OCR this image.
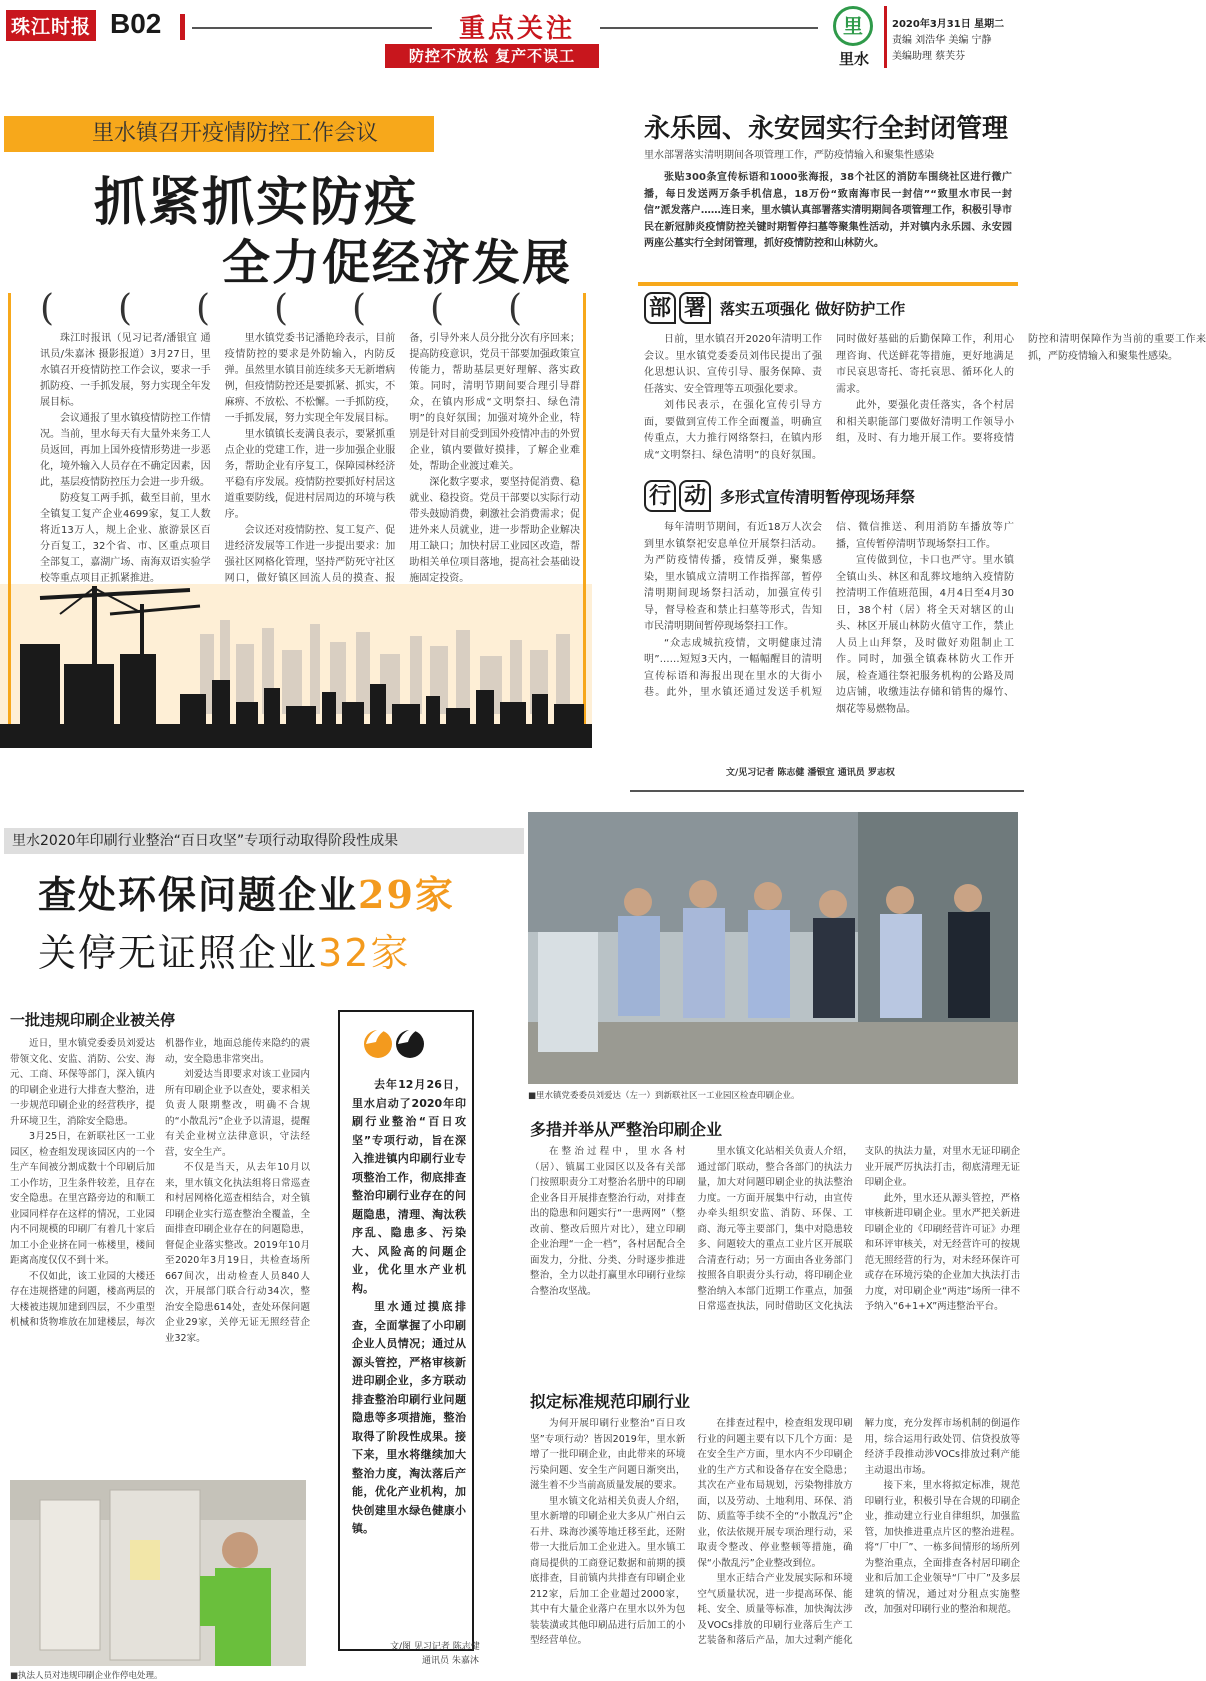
珠江时报 B02	重点关注
防控不放松 复产不误工
里
里水
2020年3月31日 星期二
责编 刘浩华 美编 宁静
美编助理 蔡芙芬
里水镇召开疫情防控工作会议
抓紧抓实防疫
全力促经济发展
( ( ( ( ( ( (

珠江时报讯（见习记者/潘银宜 通讯员/朱嘉沐 摄影报道）3月27日，里水镇召开疫情防控工作会议，要求一手抓防疫、一手抓发展，努力实现全年发展目标。

会议通报了里水镇疫情防控工作情况。当前，里水每天有大量外来务工人员返回，再加上国外疫情形势进一步恶化，境外输入人员存在不确定因素，因此，基层疫情防控压力会进一步升级。

防疫复工两手抓，截至目前，里水全镇复工复产企业4699家，复工人数将近13万人，规上企业、旅游景区百分百复工，32个省、市、区重点项目全部复工，嘉湖广场、南海双语实验学校等重点项目正抓紧推进。

里水镇党委书记潘艳玲表示，目前疫情防控的要求是外防输入，内防反弹。虽然里水镇目前连续多天无新增病例，但疫情防控还是要抓紧、抓实，不麻痹、不放松、不松懈。一手抓防疫，一手抓发展，努力实现全年发展目标。

里水镇镇长麦满良表示，要紧抓重点企业的党建工作，进一步加强企业服务，帮助企业有序复工，保障园林经济平稳有序发展。疫情防控要抓好村居这道重要防线，促进村居周边的环境与秩序。

会议还对疫情防控、复工复产、促进经济发展等工作进一步提出要求：加强社区网格化管理，坚持严防死守社区网口，做好镇区回流人员的摸查、报备，引导外来人员分批分次有序回来；提高防疫意识，党员干部要加强政策宣传能力，帮助基层更好理解、落实政策。同时，清明节期间要合理引导群众，在镇内形成“文明祭扫、绿色清明”的良好氛围；加强对境外企业，特别是针对目前受到国外疫情冲击的外贸企业，镇内要做好摸排，了解企业难处，帮助企业渡过难关。

深化数字要求，要坚持促消费、稳就业、稳投资。党员干部要以实际行动带头鼓励消费，刺激社会消费需求；促进外来人员就业，进一步帮助企业解决用工缺口；加快村居工业园区改造，帮助相关单位项目落地，提高社会基础设施固定投资。

永乐园、永安园实行全封闭管理
里水部署落实清明期间各项管理工作，严防疫情输入和聚集性感染

张贴300条宣传标语和1000张海报，38个社区的消防车围绕社区进行微广播，每日发送两万条手机信息，18万份“致南海市民一封信”“致里水市民一封信”派发落户……连日来，里水镇认真部署落实清明期间各项管理工作，积极引导市民在新冠肺炎疫情防控关键时期暂停扫墓等聚集性活动，并对镇内永乐园、永安园两座公墓实行全封闭管理，抓好疫情防控和山林防火。

部 署 落实五项强化 做好防护工作

日前，里水镇召开2020年清明工作会议。里水镇党委委员刘伟民提出了强化思想认识、宣传引导、服务保障、责任落实、安全管理等五项强化要求。

刘伟民表示，在强化宣传引导方面，要做到宣传工作全面覆盖，明确宣传重点，大力推行网络祭扫，在镇内形成“文明祭扫、绿色清明”的良好氛围。同时做好基础的后勤保障工作，利用心理咨询、代送鲜花等措施，更好地满足市民哀思寄托、寄托哀思、循环化人的需求。

此外，要强化责任落实，各个村居和相关职能部门要做好清明工作领导小组，及时、有力地开展工作。要将疫情防控和清明保障作为当前的重要工作来抓，严防疫情输入和聚集性感染。

行 动 多形式宣传清明暂停现场拜祭

每年清明节期间，有近18万人次会到里水镇祭祀安息单位开展祭扫活动。为严防疫情传播，疫情反弹，聚集感染，里水镇成立清明工作指挥部，暂停清明期间现场祭扫活动，加强宣传引导，督导检查和禁止扫墓等形式，告知市民清明期间暂停现场祭扫工作。

“众志成城抗疫情，文明健康过清明”……短短3天内，一幅幅醒目的清明宣传标语和海报出现在里水的大街小巷。此外，里水镇还通过发送手机短信、微信推送、利用消防车播放等广播，宣传暂停清明节现场祭扫工作。

宣传做到位，卡口也严守。里水镇全镇山头、林区和乱葬坟地纳入疫情防控清明工作值班范围，4月4日至4月30日，38个村（居）将全天对辖区的山头、林区开展山林防火值守工作，禁止人员上山拜祭，及时做好劝阻制止工作。同时，加强全镇森林防火工作开展，检查通往祭祀服务机构的公路及周边店铺，收缴违法存储和销售的爆竹、烟花等易燃物品。

文/见习记者 陈志健 潘银宜 通讯员 罗志权
里水2020年印刷行业整治“百日攻坚”专项行动取得阶段性成果
查处环保问题企业29家
关停无证照企业32家
■里水镇党委委员刘爱达（左一）到新联社区一工业园区检查印刷企业。
一批违规印刷企业被关停

近日，里水镇党委委员刘爱达带领文化、安监、消防、公安、海元、工商、环保等部门，深入镇内的印刷企业进行大排查大整治，进一步规范印刷企业的经营秩序，提升环境卫生，消除安全隐患。

3月25日，在新联社区一工业园区，检查组发现该园区内的一个生产车间被分割成数十个印刷后加工小作坊，卫生条件较差，且存在安全隐患。在里宫路旁边的和顺工业园同样存在这样的情况，工业园内不同规模的印刷厂有着几十家后加工小企业挤在同一栋楼里，楼间距离高度仅仅不到十米。

不仅如此，该工业园的大楼还存在违规搭建的问题，楼高两层的大楼被违规加建到四层，不少重型机械和货物堆放在加建楼层，每次机器作业，地面总能传来隐约的震动，安全隐患非常突出。

刘爱达当即要求对该工业园内所有印刷企业予以查处，要求相关负责人限期整改，明确不合规的“小散乱污”企业予以清退，提醒有关企业树立法律意识，守法经营，安全生产。

不仅是当天，从去年10月以来，里水镇文化执法组将日常巡查和村居网格化巡查相结合，对全镇印刷企业实行巡查整治全覆盖，全面排查印刷企业存在的问题隐患，督促企业落实整改。2019年10月至2020年3月19日，共检查场所667间次，出动检查人员840人次，开展部门联合行动34次，整治安全隐患614处，查处环保问题企业29家，关停无证无照经营企业32家。

■执法人员对违规印刷企业作停电处理。

去年12月26日，里水启动了2020年印刷行业整治“百日攻坚”专项行动，旨在深入推进镇内印刷行业专项整治工作，彻底排查整治印刷行业存在的问题隐患，清理、淘汰秩序乱、隐患多、污染大、风险高的问题企业，优化里水产业机构。

里水通过摸底排查，全面掌握了小印刷企业人员情况；通过从源头管控，严格审核新进印刷企业，多方联动排查整治印刷行业问题隐患等多项措施，整治取得了阶段性成果。接下来，里水将继续加大整治力度，淘汰落后产能，优化产业机构，加快创建里水绿色健康小镇。

文/图 见习记者 陈志健
通讯员 朱嘉沐
多措并举从严整治印刷企业

在整治过程中，里水各村（居）、镇属工业园区以及各有关部门按照职责分工对整治名册中的印刷企业各目开展排查整治行动，对排查出的隐患和问题实行“一患两网”（整改前、整改后照片对比），建立印刷企业治理“一企一档”，各村居配合全面发力，分批、分类、分时逐步推进整治，全力以赴打赢里水印刷行业综合整治攻坚战。

里水镇文化站相关负责人介绍，通过部门联动，整合各部门的执法力量，加大对问题印刷企业的执法整治力度。一方面开展集中行动，由宣传办牵头组织安监、消防、环保、工商、海元等主要部门，集中对隐患较多、问题较大的重点工业片区开展联合清查行动；另一方面由各业务部门按照各自职责分头行动，将印刷企业整治纳入本部门近期工作重点，加强日常巡查执法，同时借助区文化执法支队的执法力量，对里水无证印刷企业开展严厉执法打击，彻底清理无证印刷企业。

此外，里水还从源头管控，严格审核新进印刷企业。里水严把关新进印刷企业的《印刷经营许可证》办理和环评审核关，对无经营许可的按规范无照经营的行为，对未经环保许可或存在环境污染的企业加大执法打击力度，对印刷企业“两违”场所一律不予纳入“6+1+X”两违整治平台。

拟定标准规范印刷行业

为何开展印刷行业整治“百日攻坚”专项行动？皆因2019年，里水新增了一批印刷企业，由此带来的环境污染问题、安全生产问题日渐突出，滋生着不少当前高质量发展的要求。

里水镇文化站相关负责人介绍，里水新增的印刷企业大多从广州白云石井、珠海沙溪等地迁移至此，还附带一大批后加工企业进入。里水镇工商局提供的工商登记数据和前期的摸底排查，目前镇内共排查有印刷企业212家，后加工企业超过2000家，其中有大量企业落户在里水以外为包装装潢或其他印刷品进行后加工的小型经营单位。

在排查过程中，检查组发现印刷行业的问题主要有以下几个方面：是在安全生产方面，里水内不少印刷企业的生产方式和设备存在安全隐患；其次在产业布局规划，污染物排放方面，以及劳动、土地利用、环保、消防、质监等手续不全的“小散乱污”企业，依法依规开展专项治理行动，采取责令整改、停业整顿等措施，确保“小散乱污”企业整改到位。

里水正结合产业发展实际和环境空气质量状况，进一步提高环保、能耗、安全、质量等标准，加快淘汰涉及VOCs排放的印刷行业落后生产工艺装备和落后产品，加大过剩产能化解力度，充分发挥市场机制的倒逼作用，综合运用行政处罚、信贷投放等经济手段推动涉VOCs排放过剩产能主动退出市场。

接下来，里水将拟定标准，规范印刷行业，积极引导在合规的印刷企业，推动建立行业自律组织，加强监管，加快推进重点片区的整治进程。将“厂中厂”、一栋多间情形的场所列为整治重点，全面排查各村居印刷企业和后加工企业领导“厂中厂”及多层建筑的情况，通过对分租点实施整改，加强对印刷行业的整治和规范。
